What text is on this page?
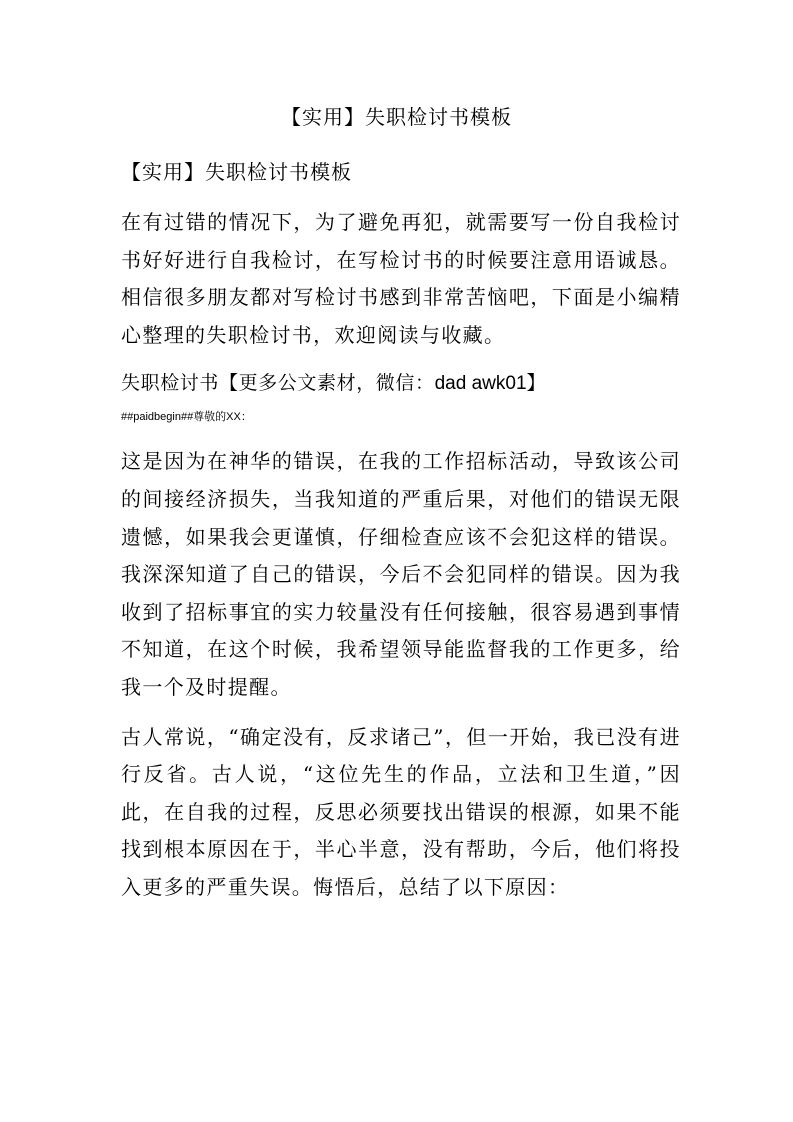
【实用】失职检讨书模板
【实用】失职检讨书模板

在有过错的情况下，为了避免再犯，就需要写一份自我检讨书好好进行自我检讨，在写检讨书的时候要注意用语诚恳。相信很多朋友都对写检讨书感到非常苦恼吧，下面是小编精心整理的失职检讨书，欢迎阅读与收藏。

失职检讨书【更多公文素材，微信：dad awk01】
##paidbegin##尊敬的XX：

这是因为在神华的错误，在我的工作招标活动，导致该公司的间接经济损失，当我知道的严重后果，对他们的错误无限遗憾，如果我会更谨慎，仔细检查应该不会犯这样的错误。我深深知道了自己的错误，今后不会犯同样的错误。因为我收到了招标事宜的实力较量没有任何接触，很容易遇到事情不知道，在这个时候，我希望领导能监督我的工作更多，给我一个及时提醒。

古人常说，“确定没有，反求诸己”，但一开始，我已没有进行反省。古人说，“这位先生的作品，立法和卫生道，”因此，在自我的过程，反思必须要找出错误的根源，如果不能找到根本原因在于，半心半意，没有帮助，今后，他们将投入更多的严重失误。悔悟后，总结了以下原因：
